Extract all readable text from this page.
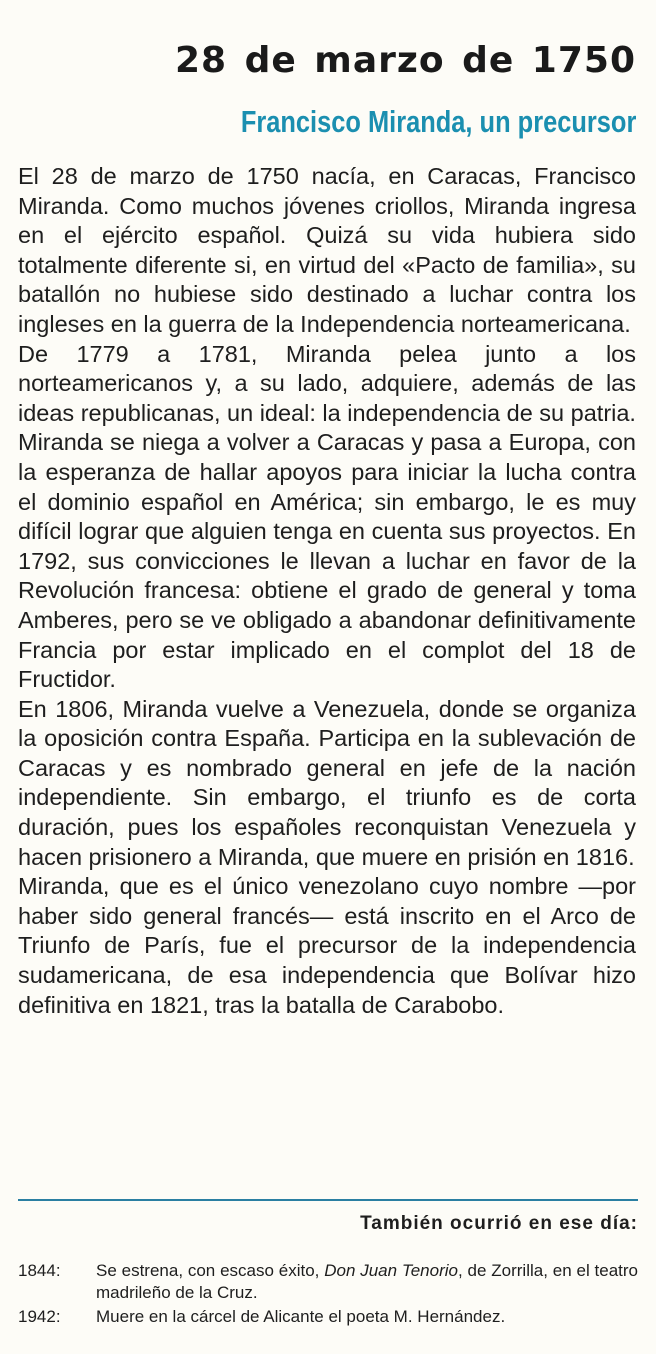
28 de marzo de 1750
Francisco Miranda, un precursor

El 28 de marzo de 1750 nacía, en Caracas, Francisco Miranda. Como muchos jóvenes criollos, Miranda ingresa en el ejército español. Quizá su vida hubiera sido totalmente diferente si, en virtud del «Pacto de familia», su batallón no hubiese sido destinado a luchar contra los ingleses en la guerra de la Independencia norteamericana.

De 1779 a 1781, Miranda pelea junto a los norteamericanos y, a su lado, adquiere, además de las ideas republicanas, un ideal: la independencia de su patria.

Miranda se niega a volver a Caracas y pasa a Europa, con la esperanza de hallar apoyos para iniciar la lucha contra el dominio español en América; sin embargo, le es muy difícil lograr que alguien tenga en cuenta sus proyectos. En 1792, sus convicciones le llevan a luchar en favor de la Revolución francesa: obtiene el grado de general y toma Amberes, pero se ve obligado a abandonar definitivamente Francia por estar implicado en el complot del 18 de Fructidor.

En 1806, Miranda vuelve a Venezuela, donde se organiza la oposición contra España. Participa en la sublevación de Caracas y es nombrado general en jefe de la nación independiente. Sin embargo, el triunfo es de corta duración, pues los españoles reconquistan Venezuela y hacen prisionero a Miranda, que muere en prisión en 1816.

Miranda, que es el único venezolano cuyo nombre —por haber sido general francés— está inscrito en el Arco de Triunfo de París, fue el precursor de la independencia sudamericana, de esa independencia que Bolívar hizo definitiva en 1821, tras la batalla de Carabobo.

También ocurrió en ese día:
1844:	Se estrena, con escaso éxito, Don Juan Tenorio, de Zorrilla, en el teatro madrileño de la Cruz.
1942:	Muere en la cárcel de Alicante el poeta M. Hernández.
